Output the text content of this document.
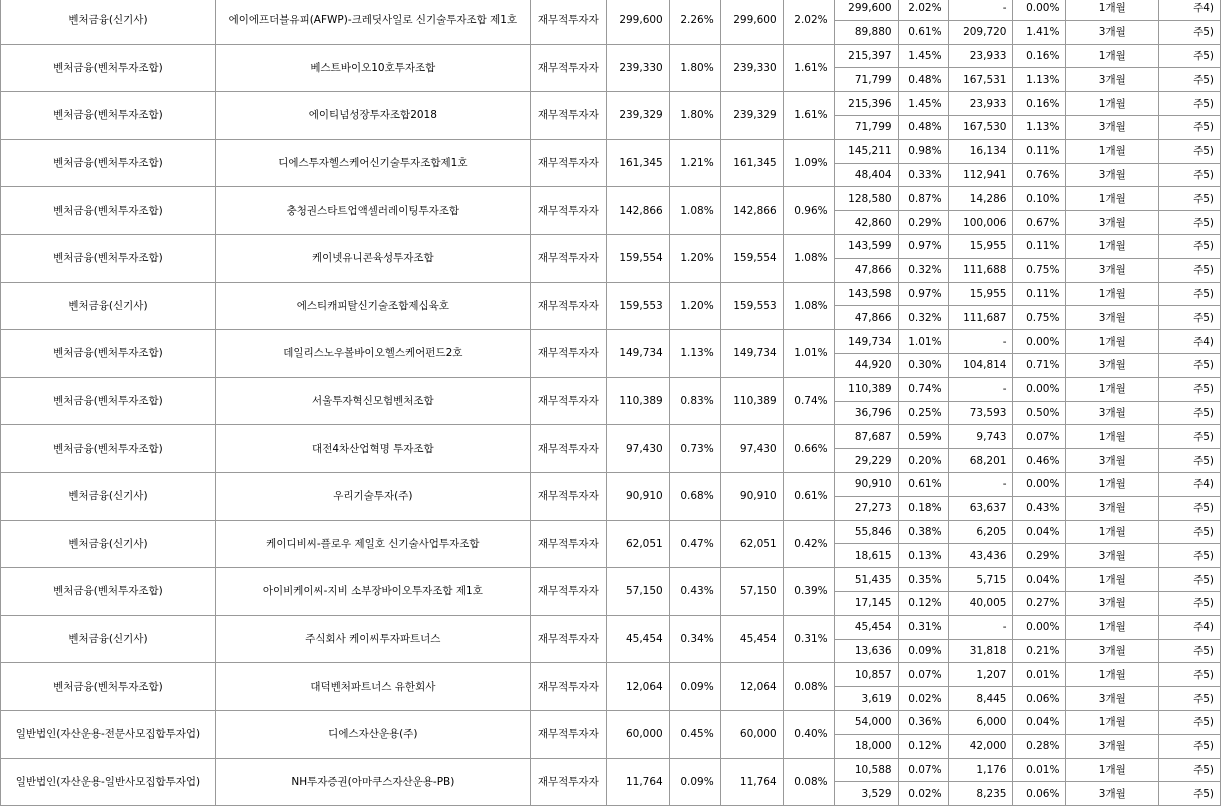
벤처금융(신기사)	에이에프더블유피(AFWP)-크레딧사일로 신기술투자조합 제1호	재무적투자자	299,600	2.26%	299,600	2.02%	299,600	2.02%	-	0.00%	1개월	주4)
							89,880	0.61%	209,720	1.41%	3개월	주5)
벤처금융(벤처투자조합)	베스트바이오10호투자조합	재무적투자자	239,330	1.80%	239,330	1.61%	215,397	1.45%	23,933	0.16%	1개월	주5)
							71,799	0.48%	167,531	1.13%	3개월	주5)
벤처금융(벤처투자조합)	에이티넘성장투자조합2018	재무적투자자	239,329	1.80%	239,329	1.61%	215,396	1.45%	23,933	0.16%	1개월	주5)
							71,799	0.48%	167,530	1.13%	3개월	주5)
벤처금융(벤처투자조합)	디에스투자헬스케어신기술투자조합제1호	재무적투자자	161,345	1.21%	161,345	1.09%	145,211	0.98%	16,134	0.11%	1개월	주5)
							48,404	0.33%	112,941	0.76%	3개월	주5)
벤처금융(벤처투자조합)	충청권스타트업액셀러레이팅투자조합	재무적투자자	142,866	1.08%	142,866	0.96%	128,580	0.87%	14,286	0.10%	1개월	주5)
							42,860	0.29%	100,006	0.67%	3개월	주5)
벤처금융(벤처투자조합)	케이넷유니콘육성투자조합	재무적투자자	159,554	1.20%	159,554	1.08%	143,599	0.97%	15,955	0.11%	1개월	주5)
							47,866	0.32%	111,688	0.75%	3개월	주5)
벤처금융(신기사)	에스티캐피탈신기술조합제십육호	재무적투자자	159,553	1.20%	159,553	1.08%	143,598	0.97%	15,955	0.11%	1개월	주5)
							47,866	0.32%	111,687	0.75%	3개월	주5)
벤처금융(벤처투자조합)	데일리스노우볼바이오헬스케어펀드2호	재무적투자자	149,734	1.13%	149,734	1.01%	149,734	1.01%	-	0.00%	1개월	주4)
							44,920	0.30%	104,814	0.71%	3개월	주5)
벤처금융(벤처투자조합)	서울투자혁신모험벤처조합	재무적투자자	110,389	0.83%	110,389	0.74%	110,389	0.74%	-	0.00%	1개월	주5)
							36,796	0.25%	73,593	0.50%	3개월	주5)
벤처금융(벤처투자조합)	대전4차산업혁명 투자조합	재무적투자자	97,430	0.73%	97,430	0.66%	87,687	0.59%	9,743	0.07%	1개월	주5)
							29,229	0.20%	68,201	0.46%	3개월	주5)
벤처금융(신기사)	우리기술투자(주)	재무적투자자	90,910	0.68%	90,910	0.61%	90,910	0.61%	-	0.00%	1개월	주4)
							27,273	0.18%	63,637	0.43%	3개월	주5)
벤처금융(신기사)	케이디비씨-플로우 제일호 신기술사업투자조합	재무적투자자	62,051	0.47%	62,051	0.42%	55,846	0.38%	6,205	0.04%	1개월	주5)
							18,615	0.13%	43,436	0.29%	3개월	주5)
벤처금융(벤처투자조합)	아이비케이씨-지비 소부장바이오투자조합 제1호	재무적투자자	57,150	0.43%	57,150	0.39%	51,435	0.35%	5,715	0.04%	1개월	주5)
							17,145	0.12%	40,005	0.27%	3개월	주5)
벤처금융(신기사)	주식회사 케이씨투자파트너스	재무적투자자	45,454	0.34%	45,454	0.31%	45,454	0.31%	-	0.00%	1개월	주4)
							13,636	0.09%	31,818	0.21%	3개월	주5)
벤처금융(벤처투자조합)	대덕벤처파트너스 유한회사	재무적투자자	12,064	0.09%	12,064	0.08%	10,857	0.07%	1,207	0.01%	1개월	주5)
							3,619	0.02%	8,445	0.06%	3개월	주5)
일반법인(자산운용-전문사모집합투자업)	디에스자산운용(주)	재무적투자자	60,000	0.45%	60,000	0.40%	54,000	0.36%	6,000	0.04%	1개월	주5)
							18,000	0.12%	42,000	0.28%	3개월	주5)
일반법인(자산운용-일반사모집합투자업)	NH투자증권(아마쿠스자산운용-PB)	재무적투자자	11,764	0.09%	11,764	0.08%	10,588	0.07%	1,176	0.01%	1개월	주5)
							3,529	0.02%	8,235	0.06%	3개월	주5)
